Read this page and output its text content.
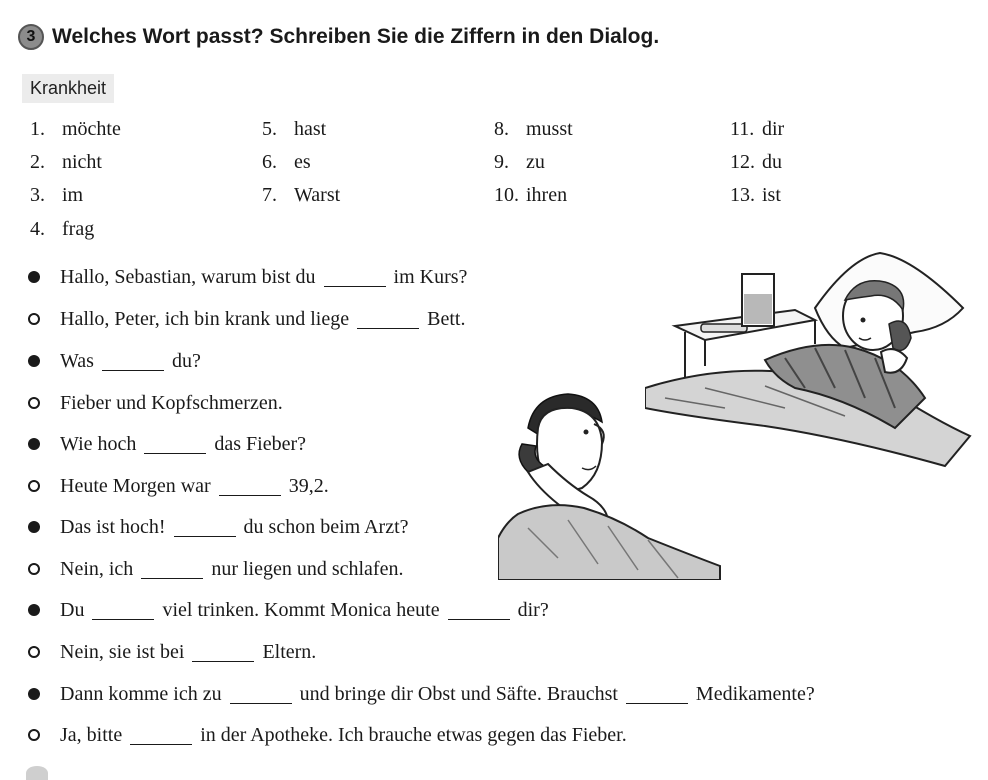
3 Welches Wort passt? Schreiben Sie die Ziffern in den Dialog.
Krankheit
1. möchte
2. nicht
3. im
4. frag
5. hast
6. es
7. Warst
8. musst
9. zu
10. ihren
11. dir
12. du
13. ist
Hallo, Sebastian, warum bist du	im Kurs?
Hallo, Peter, ich bin krank und liege	Bett.
Was	du?
Fieber und Kopfschmerzen.
Wie hoch	das Fieber?
Heute Morgen war	39,2.
Das ist hoch!	du schon beim Arzt?
Nein, ich	nur liegen und schlafen.
Du	viel trinken. Kommt Monica heute	dir?
Nein, sie ist bei	Eltern.
Dann komme ich zu	und bringe dir Obst und Säfte. Brauchst	Medikamente?
Ja, bitte	in der Apotheke. Ich brauche etwas gegen das Fieber.
